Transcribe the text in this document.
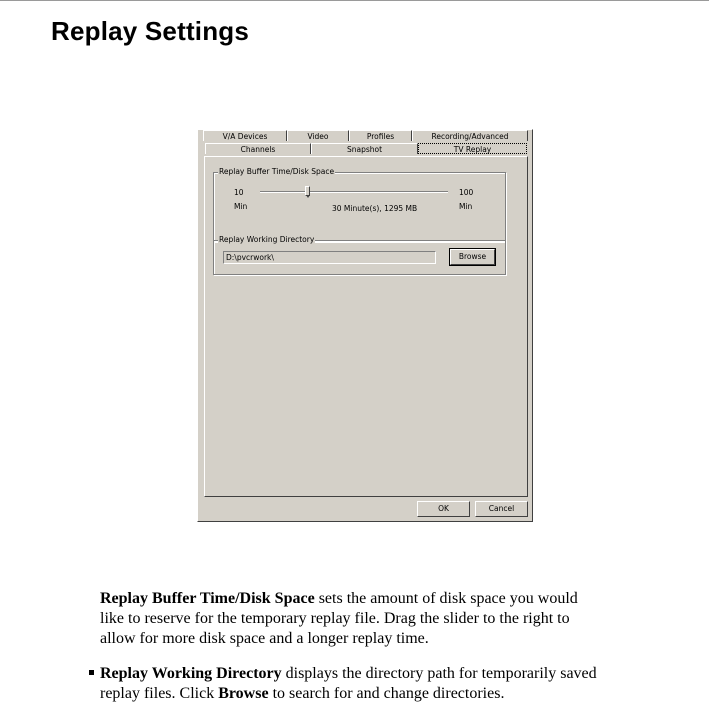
Replay Settings
V/A Devices	Video	Profiles	Recording/Advanced
Channels	Snapshot	TV Replay
Replay Buffer Time/Disk Space
10
Min
100
Min
30 Minute(s), 1295 MB
Replay Working Directory
D:\pvcrwork\	Browse
OK	Cancel
Replay Buffer Time/Disk Space sets the amount of disk space you would
like to reserve for the temporary replay file. Drag the slider to the right to
allow for more disk space and a longer replay time.
Replay Working Directory displays the directory path for temporarily saved
replay files. Click Browse to search for and change directories.
